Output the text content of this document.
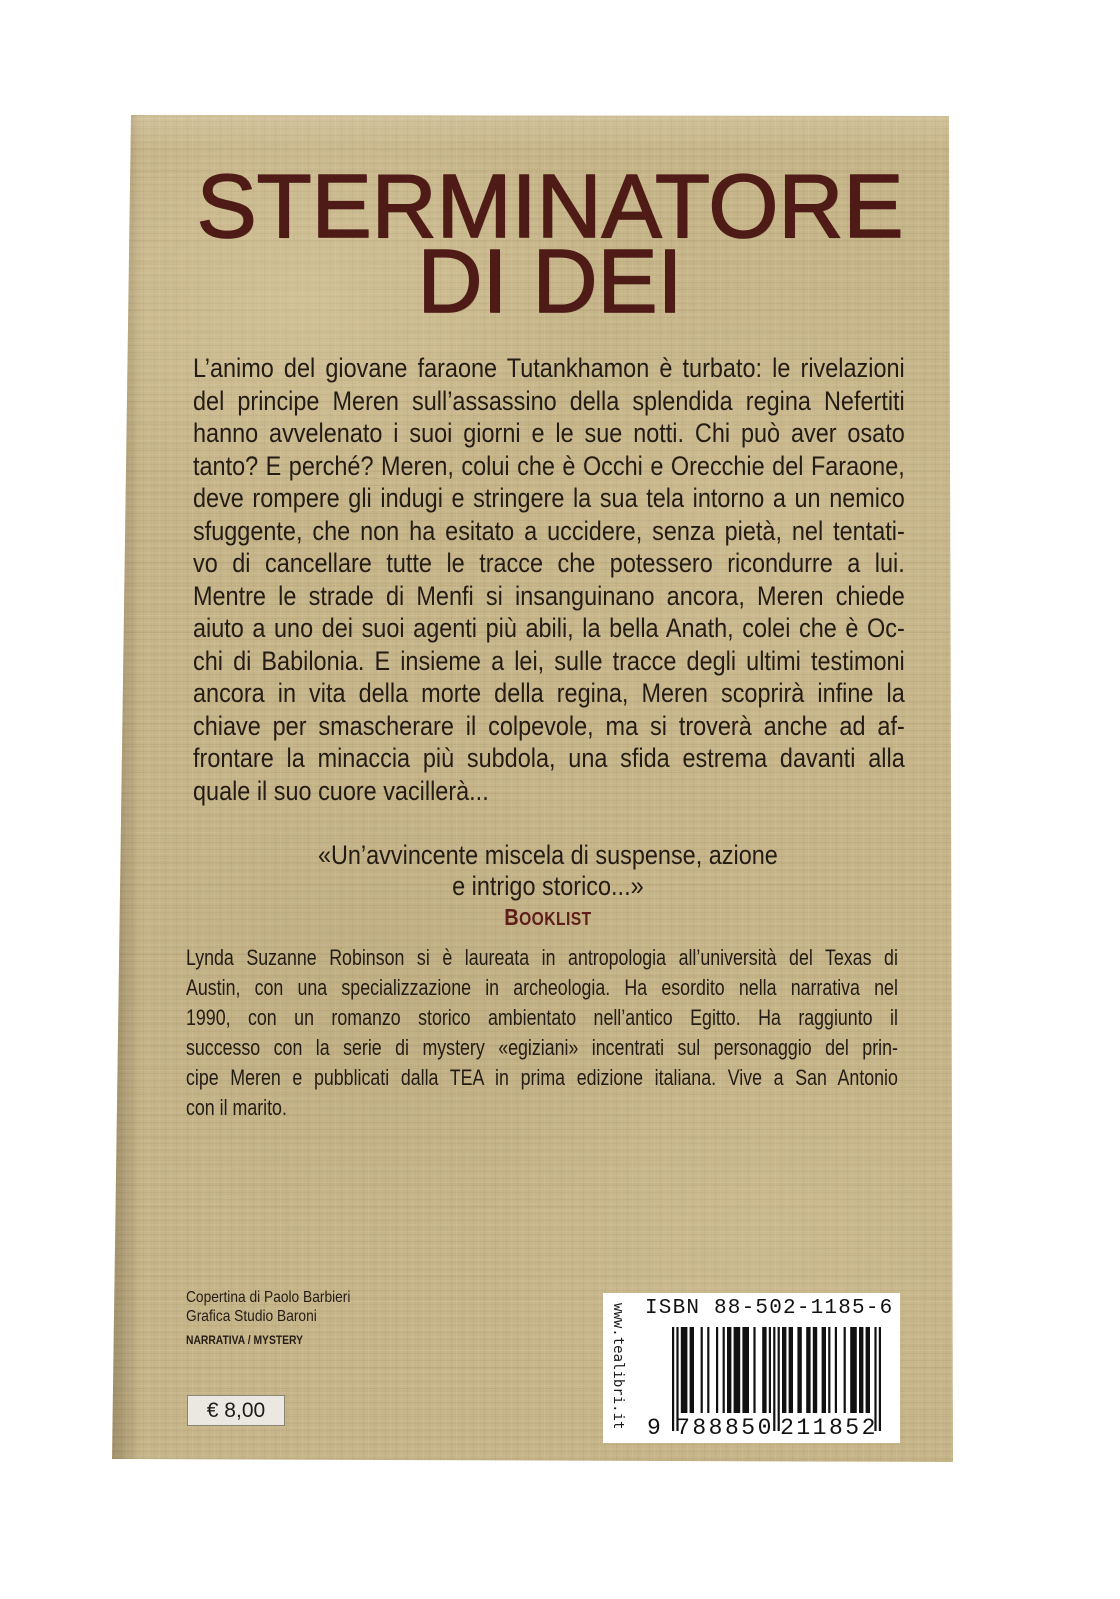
STERMINATORE
DI DEI
L’animo del giovane faraone Tutankhamon è turbato: le rivelazioni
del principe Meren sull’assassino della splendida regina Nefertiti
hanno avvelenato i suoi giorni e le sue notti. Chi può aver osato
tanto? E perché? Meren, colui che è Occhi e Orecchie del Faraone,
deve rompere gli indugi e stringere la sua tela intorno a un nemico
sfuggente, che non ha esitato a uccidere, senza pietà, nel tentati-
vo di cancellare tutte le tracce che potessero ricondurre a lui.
Mentre le strade di Menfi si insanguinano ancora, Meren chiede
aiuto a uno dei suoi agenti più abili, la bella Anath, colei che è Oc-
chi di Babilonia. E insieme a lei, sulle tracce degli ultimi testimoni
ancora in vita della morte della regina, Meren scoprirà infine la
chiave per smascherare il colpevole, ma si troverà anche ad af-
frontare la minaccia più subdola, una sfida estrema davanti alla
quale il suo cuore vacillerà...
«Un’avvincente miscela di suspense, azione
e intrigo storico...»
BOOKLIST
Lynda Suzanne Robinson si è laureata in antropologia all’università del Texas di
Austin, con una specializzazione in archeologia. Ha esordito nella narrativa nel
1990, con un romanzo storico ambientato nell’antico Egitto. Ha raggiunto il
successo con la serie di mystery «egiziani» incentrati sul personaggio del prin-
cipe Meren e pubblicati dalla TEA in prima edizione italiana. Vive a San Antonio
con il marito.
Copertina di Paolo Barbieri
Grafica Studio Baroni
NARRATIVA / MYSTERY
€ 8,00	www.tealibri.it ISBN 88-502-1185-6
9 788850 211852
